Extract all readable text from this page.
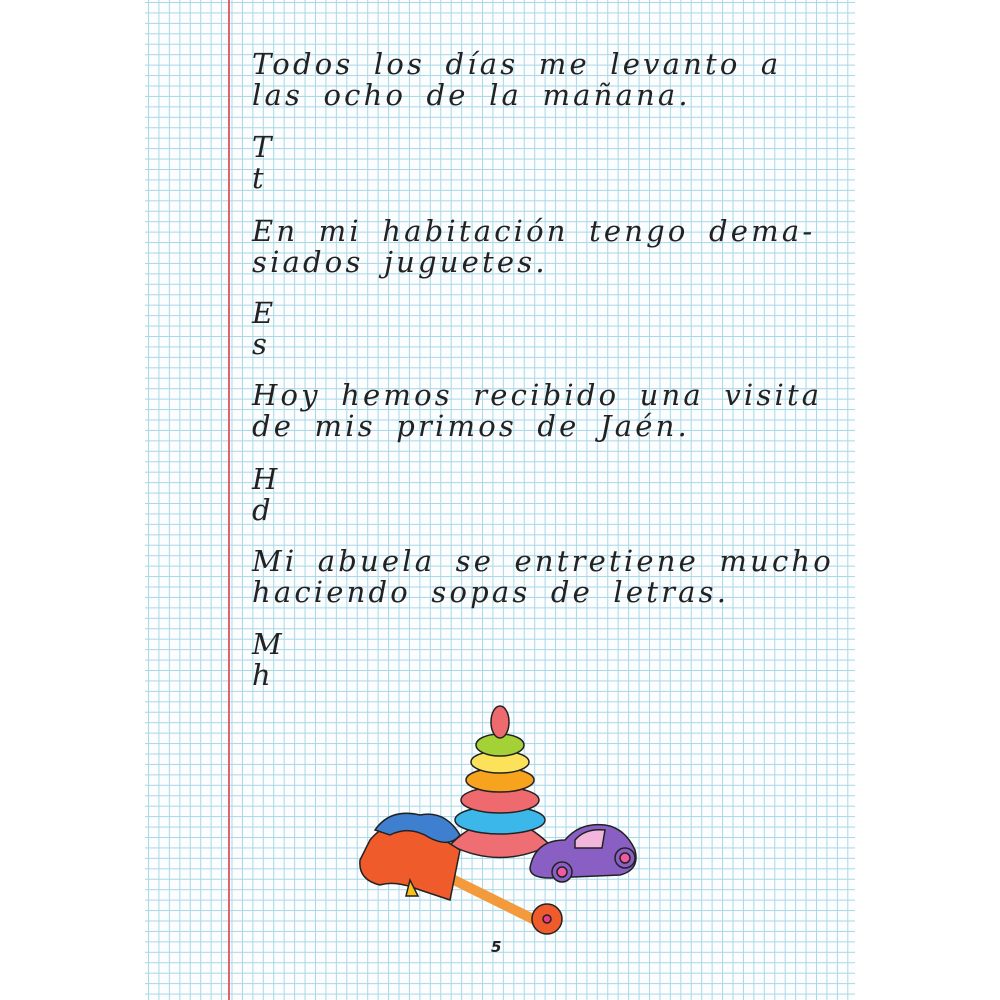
Todos los días me levanto a
las ocho de la mañana.
T
t
En mi habitación tengo dema-
siados juguetes.
E
s
Hoy hemos recibido una visita
de mis primos de Jaén.
H
d
Mi abuela se entretiene mucho
haciendo sopas de letras.
M
h
5
